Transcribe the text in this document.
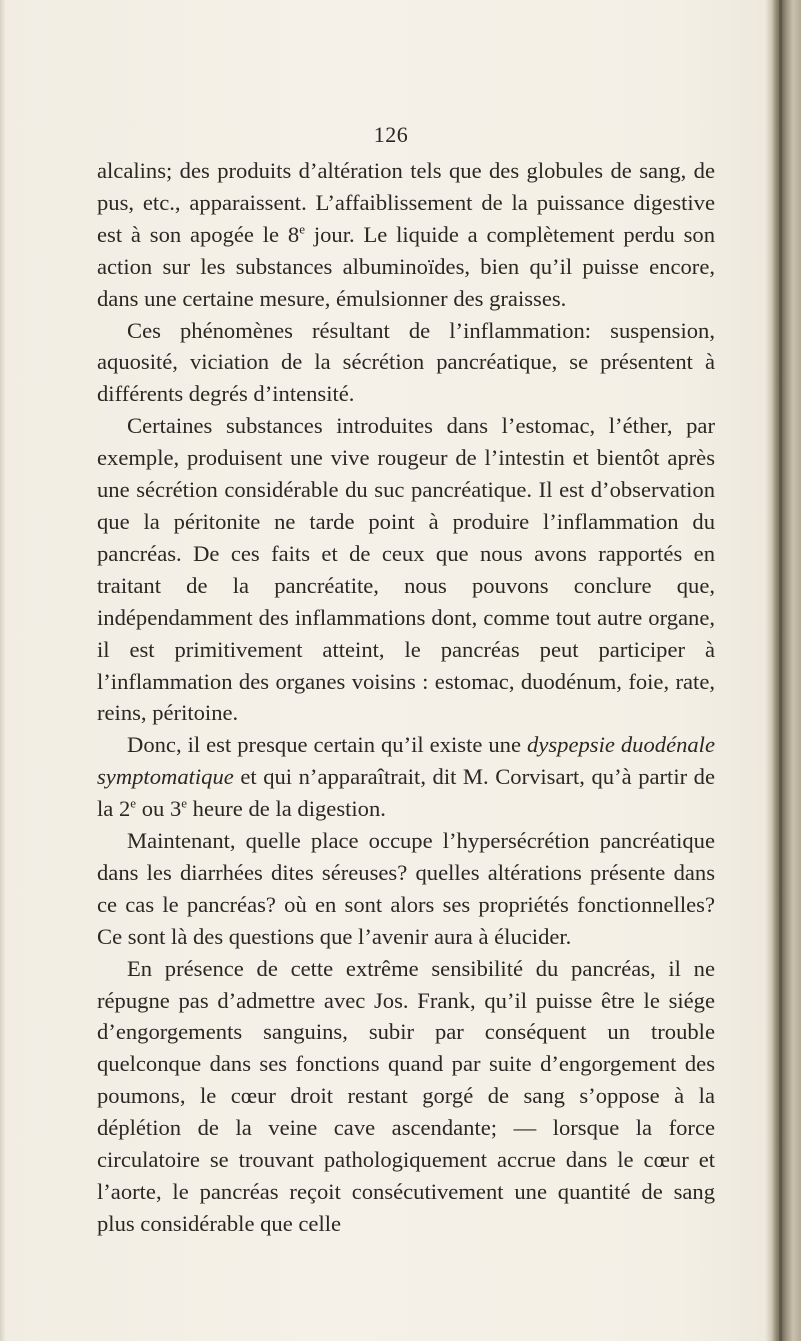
126

alcalins; des produits d’altération tels que des globules de sang, de pus, etc., apparaissent. L’affaiblissement de la puissance digestive est à son apogée le 8e jour. Le liquide a complètement perdu son action sur les substances albuminoïdes, bien qu’il puisse encore, dans une certaine mesure, émulsionner des graisses.

Ces phénomènes résultant de l’inflammation: suspension, aquosité, viciation de la sécrétion pancréatique, se présentent à différents degrés d’intensité.

Certaines substances introduites dans l’estomac, l’éther, par exemple, produisent une vive rougeur de l’intestin et bientôt après une sécrétion considérable du suc pancréatique. Il est d’observation que la péritonite ne tarde point à produire l’inflammation du pancréas. De ces faits et de ceux que nous avons rapportés en traitant de la pancréatite, nous pouvons conclure que, indépendamment des inflammations dont, comme tout autre organe, il est primitivement atteint, le pancréas peut participer à l’inflammation des organes voisins : estomac, duodénum, foie, rate, reins, péritoine.

Donc, il est presque certain qu’il existe une dyspepsie duodénale symptomatique et qui n’apparaîtrait, dit M. Corvisart, qu’à partir de la 2e ou 3e heure de la digestion.

Maintenant, quelle place occupe l’hypersécrétion pancréatique dans les diarrhées dites séreuses? quelles altérations présente dans ce cas le pancréas? où en sont alors ses propriétés fonctionnelles? Ce sont là des questions que l’avenir aura à élucider.

En présence de cette extrême sensibilité du pancréas, il ne répugne pas d’admettre avec Jos. Frank, qu’il puisse être le siége d’engorgements sanguins, subir par conséquent un trouble quelconque dans ses fonctions quand par suite d’engorgement des poumons, le cœur droit restant gorgé de sang s’oppose à la déplétion de la veine cave ascendante; — lorsque la force circulatoire se trouvant pathologiquement accrue dans le cœur et l’aorte, le pancréas reçoit consécutivement une quantité de sang plus considérable que celle
